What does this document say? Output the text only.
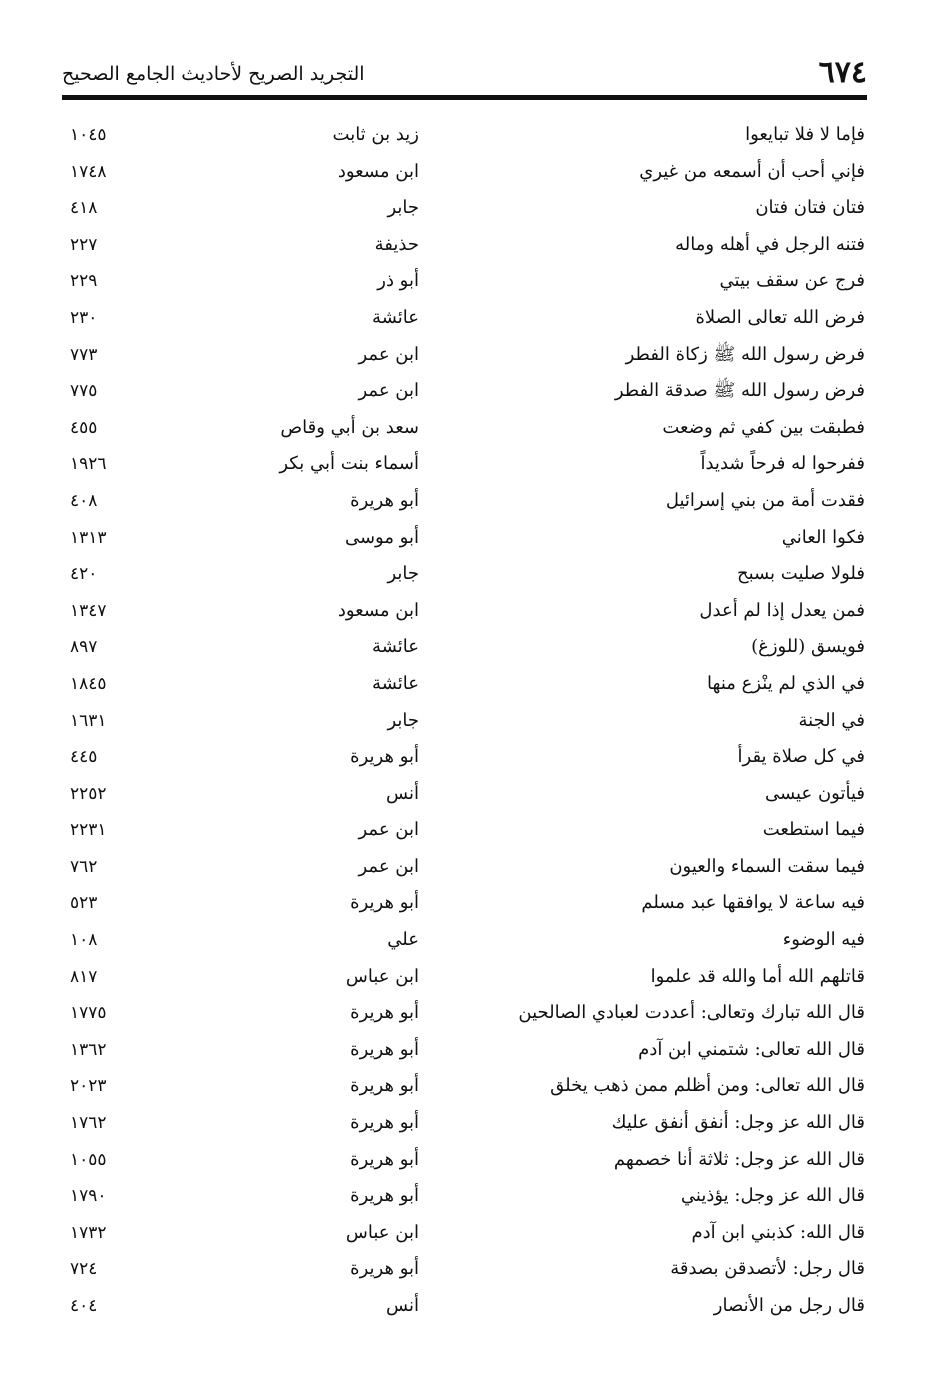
٦٧٤
التجريد الصريح لأحاديث الجامع الصحيح
فإما لا فلا تبايعوا
زيد بن ثابت
١٠٤٥
فإني أحب أن أسمعه من غيري
ابن مسعود
١٧٤٨
فتان فتان فتان
جابر
٤١٨
فتنه الرجل في أهله وماله
حذيفة
٢٢٧
فرج عن سقف بيتي
أبو ذر
٢٢٩
فرض الله تعالى الصلاة
عائشة
٢٣٠
فرض رسول الله ﷺ زكاة الفطر
ابن عمر
٧٧٣
فرض رسول الله ﷺ صدقة الفطر
ابن عمر
٧٧٥
فطبقت بين كفي ثم وضعت
سعد بن أبي وقاص
٤٥٥
ففرحوا له فرحاً شديداً
أسماء بنت أبي بكر
١٩٢٦
فقدت أمة من بني إسرائيل
أبو هريرة
٤٠٨
فكوا العاني
أبو موسى
١٣١٣
فلولا صليت بسبح
جابر
٤٢٠
فمن يعدل إذا لم أعدل
ابن مسعود
١٣٤٧
فويسق (للوزغ)
عائشة
٨٩٧
في الذي لم ينْزع منها
عائشة
١٨٤٥
في الجنة
جابر
١٦٣١
في كل صلاة يقرأ
أبو هريرة
٤٤٥
فيأتون عيسى
أنس
٢٢٥٢
فيما استطعت
ابن عمر
٢٢٣١
فيما سقت السماء والعيون
ابن عمر
٧٦٢
فيه ساعة لا يوافقها عبد مسلم
أبو هريرة
٥٢٣
فيه الوضوء
علي
١٠٨
قاتلهم الله أما والله قد علموا
ابن عباس
٨١٧
قال الله تبارك وتعالى: أعددت لعبادي الصالحين
أبو هريرة
١٧٧٥
قال الله تعالى: شتمني ابن آدم
أبو هريرة
١٣٦٢
قال الله تعالى: ومن أظلم ممن ذهب يخلق
أبو هريرة
٢٠٢٣
قال الله عز وجل: أنفق أنفق عليك
أبو هريرة
١٧٦٢
قال الله عز وجل: ثلاثة أنا خصمهم
أبو هريرة
١٠٥٥
قال الله عز وجل: يؤذيني
أبو هريرة
١٧٩٠
قال الله: كذبني ابن آدم
ابن عباس
١٧٣٢
قال رجل: لأتصدقن بصدقة
أبو هريرة
٧٢٤
قال رجل من الأنصار
أنس
٤٠٤
